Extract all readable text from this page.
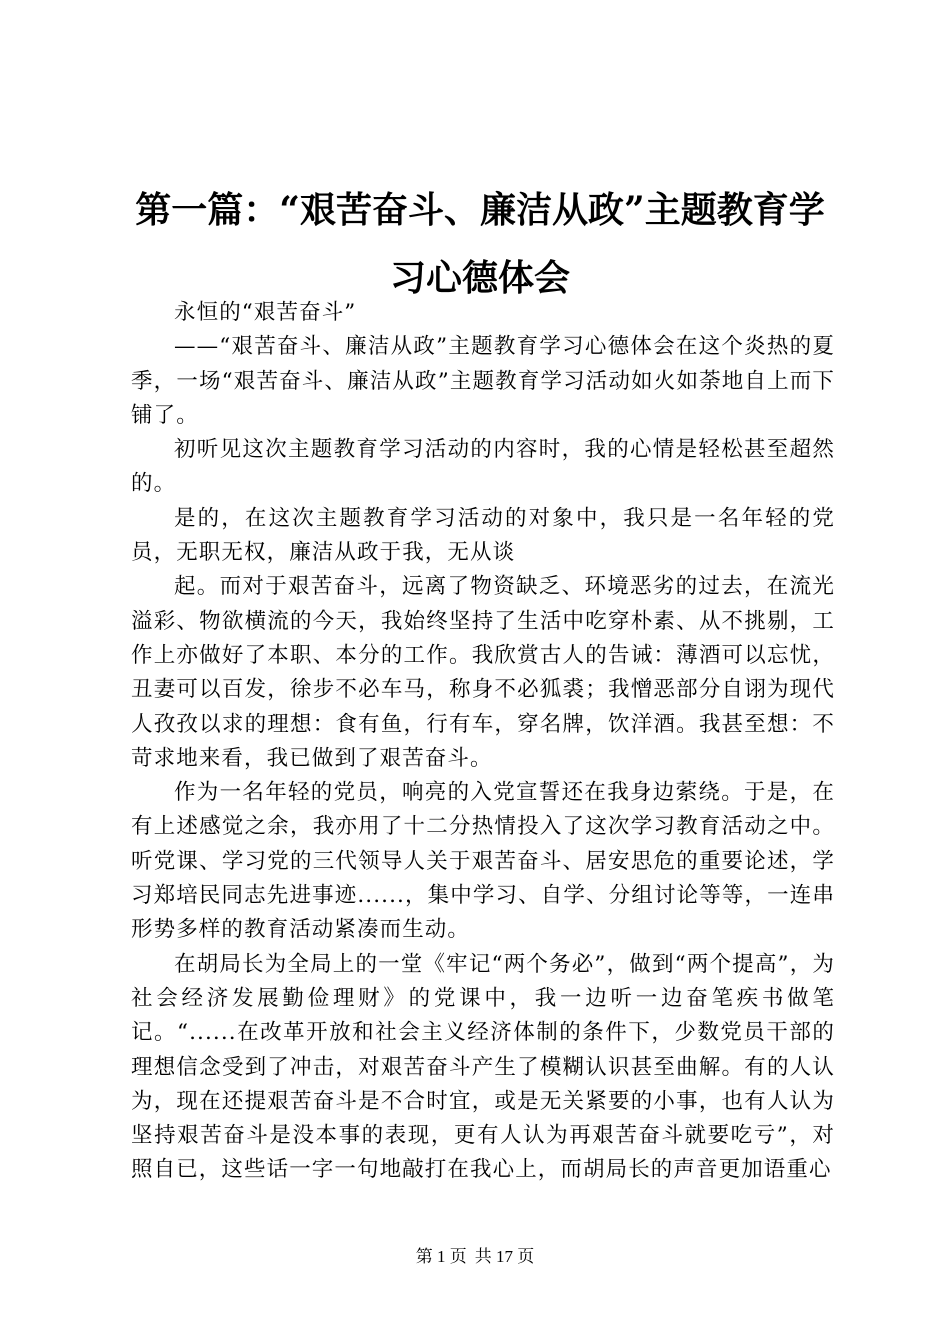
第一篇：“艰苦奋斗、廉洁从政”主题教育学
习心德体会

永恒的“艰苦奋斗”

——“艰苦奋斗、廉洁从政”主题教育学习心德体会在这个炎热的夏季，一场“艰苦奋斗、廉洁从政”主题教育学习活动如火如荼地自上而下铺了。

初听见这次主题教育学习活动的内容时，我的心情是轻松甚至超然的。

是的，在这次主题教育学习活动的对象中，我只是一名年轻的党员，无职无权，廉洁从政于我，无从谈

起。而对于艰苦奋斗，远离了物资缺乏、环境恶劣的过去，在流光溢彩、物欲横流的今天，我始终坚持了生活中吃穿朴素、从不挑剔，工作上亦做好了本职、本分的工作。我欣赏古人的告诫：薄酒可以忘忧，丑妻可以百发，徐步不必车马，称身不必狐裘；我憎恶部分自诩为现代人孜孜以求的理想：食有鱼，行有车，穿名牌，饮洋酒。我甚至想：不苛求地来看，我已做到了艰苦奋斗。

作为一名年轻的党员，响亮的入党宣誓还在我身边萦绕。于是，在有上述感觉之余，我亦用了十二分热情投入了这次学习教育活动之中。听党课、学习党的三代领导人关于艰苦奋斗、居安思危的重要论述，学习郑培民同志先进事迹......，集中学习、自学、分组讨论等等，一连串形势多样的教育活动紧凑而生动。

在胡局长为全局上的一堂《牢记“两个务必”，做到“两个提高”，为社会经济发展勤俭理财》的党课中，我一边听一边奋笔疾书做笔记。“......在改革开放和社会主义经济体制的条件下，少数党员干部的理想信念受到了冲击，对艰苦奋斗产生了模糊认识甚至曲解。有的人认为，现在还提艰苦奋斗是不合时宜，或是无关紧要的小事，也有人认为坚持艰苦奋斗是没本事的表现，更有人认为再艰苦奋斗就要吃亏”，对照自已，这些话一字一句地敲打在我心上，而胡局长的声音更加语重心

第 1 页 共 17 页
